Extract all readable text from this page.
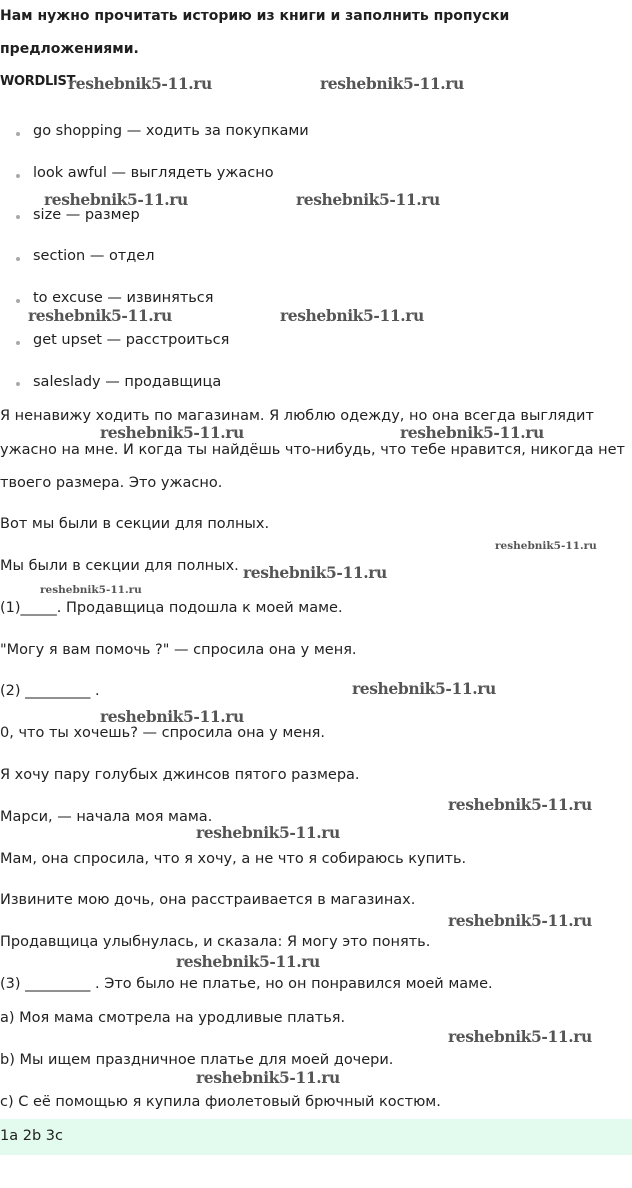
Нам нужно прочитать историю из книги и заполнить пропуски
предложениями.
WORDLIST
go shopping — ходить за покупками
look awful — выглядеть ужасно
size — размер
section — отдел
to excuse — извиняться
get upset — расстроиться
saleslady — продавщица
Я ненавижу ходить по магазинам. Я люблю одежду, но она всегда выглядит
ужасно на мне. И когда ты найдёшь что-нибудь, что тебе нравится, никогда нет
твоего размера. Это ужасно.
Вот мы были в секции для полных.
Мы были в секции для полных.
(1)_____. Продавщица подошла к моей маме.
"Могу я вам помочь ?" — спросила она у меня.
(2) _________ .
0, что ты хочешь? — спросила она у меня.
Я хочу пару голубых джинсов пятого размера.
Марси, — начала моя мама.
Мам, она спросила, что я хочу, а не что я собираюсь купить.
Извините мою дочь, она расстраивается в магазинах.
Продавщица улыбнулась, и сказала: Я могу это понять.
(3) _________ . Это было не платье, но он понравился моей маме.
a) Моя мама смотрела на уродливые платья.
b) Мы ищем праздничное платье для моей дочери.
c) С её помощью я купила фиолетовый брючный костюм.
1a 2b 3c
reshebnik5-11.ru	reshebnik5-11.ru
reshebnik5-11.ru	reshebnik5-11.ru
reshebnik5-11.ru	reshebnik5-11.ru
reshebnik5-11.ru	reshebnik5-11.ru
reshebnik5-11.ru
reshebnik5-11.ru
reshebnik5-11.ru
reshebnik5-11.ru
reshebnik5-11.ru
reshebnik5-11.ru
reshebnik5-11.ru
reshebnik5-11.ru
reshebnik5-11.ru
reshebnik5-11.ru
reshebnik5-11.ru
